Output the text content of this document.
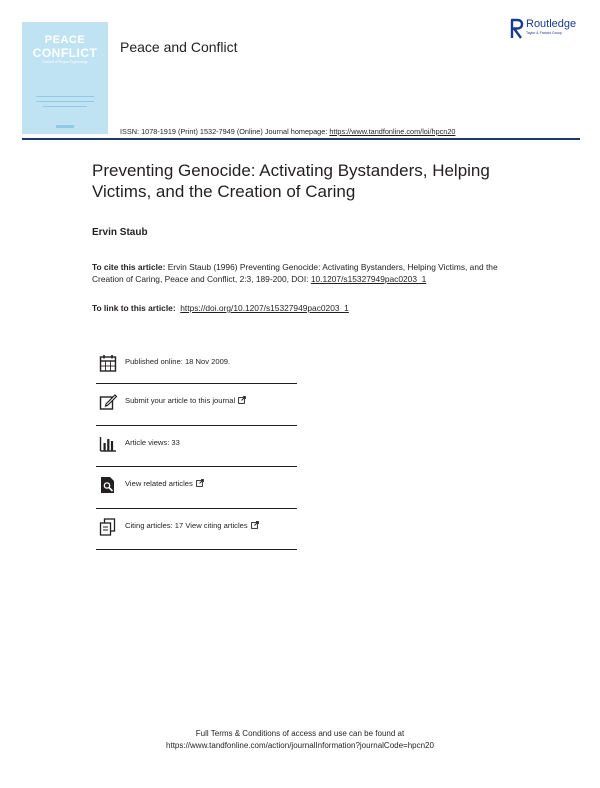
PEACE
CONFLICT
Journal of Peace Psychology
Peace and Conflict
Routledge
Taylor & Francis Group
ISSN: 1078-1919 (Print) 1532-7949 (Online) Journal homepage: https://www.tandfonline.com/loi/hpcn20
Preventing Genocide: Activating Bystanders, Helping Victims, and the Creation of Caring
Ervin Staub
To cite this article: Ervin Staub (1996) Preventing Genocide: Activating Bystanders, Helping Victims, and the Creation of Caring, Peace and Conflict, 2:3, 189-200, DOI: 10.1207/s15327949pac0203_1
To link to this article: https://doi.org/10.1207/s15327949pac0203_1
Published online: 18 Nov 2009.
Submit your article to this journal
Article views: 33
View related articles
Citing articles: 17 View citing articles
Full Terms & Conditions of access and use can be found at
https://www.tandfonline.com/action/journalInformation?journalCode=hpcn20
